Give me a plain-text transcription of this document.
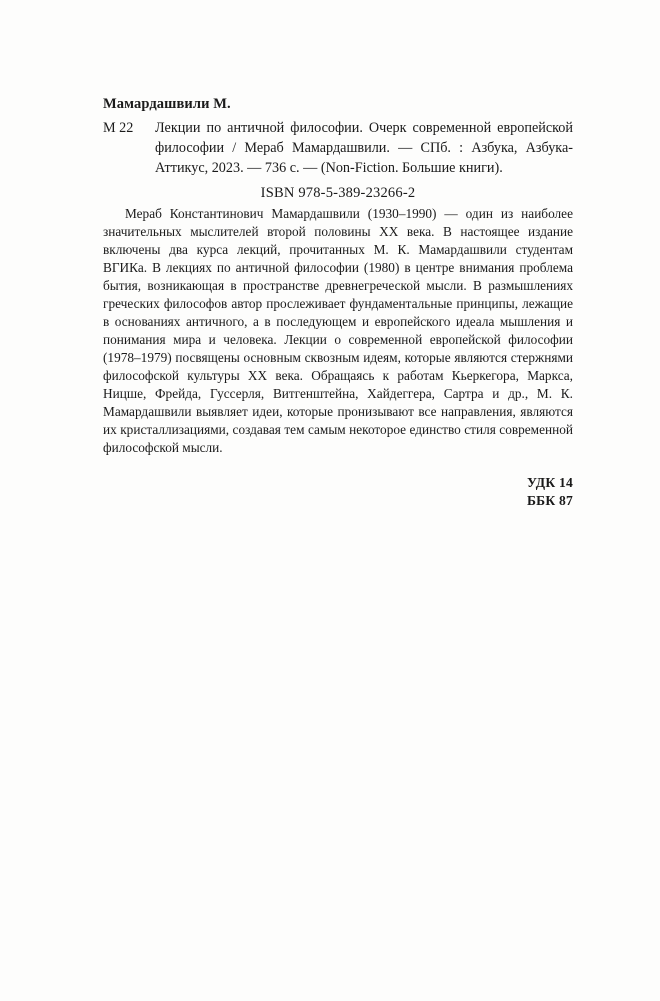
Мамардашвили М.
М 22 Лекции по античной философии. Очерк современной европейской философии / Мераб Мамардашвили. — СПб. : Азбука, Азбука-Аттикус, 2023. — 736 с. — (Non-Fiction. Большие книги).
ISBN 978-5-389-23266-2
Мераб Константинович Мамардашвили (1930–1990) — один из наиболее значительных мыслителей второй половины XX века. В настоящее издание включены два курса лекций, прочитанных М. К. Мамардашвили студентам ВГИКа. В лекциях по античной философии (1980) в центре внимания проблема бытия, возникающая в пространстве древнегреческой мысли. В размышлениях греческих философов автор прослеживает фундаментальные принципы, лежащие в основаниях античного, а в последующем и европейского идеала мышления и понимания мира и человека. Лекции о современной европейской философии (1978–1979) посвящены основным сквозным идеям, которые являются стержнями философской культуры XX века. Обращаясь к работам Кьеркегора, Маркса, Ницше, Фрейда, Гуссерля, Витгенштейна, Хайдеггера, Сартра и др., М. К. Мамардашвили выявляет идеи, которые пронизывают все направления, являются их кристаллизациями, создавая тем самым некоторое единство стиля современной философской мысли.
УДК 14
ББК 87
